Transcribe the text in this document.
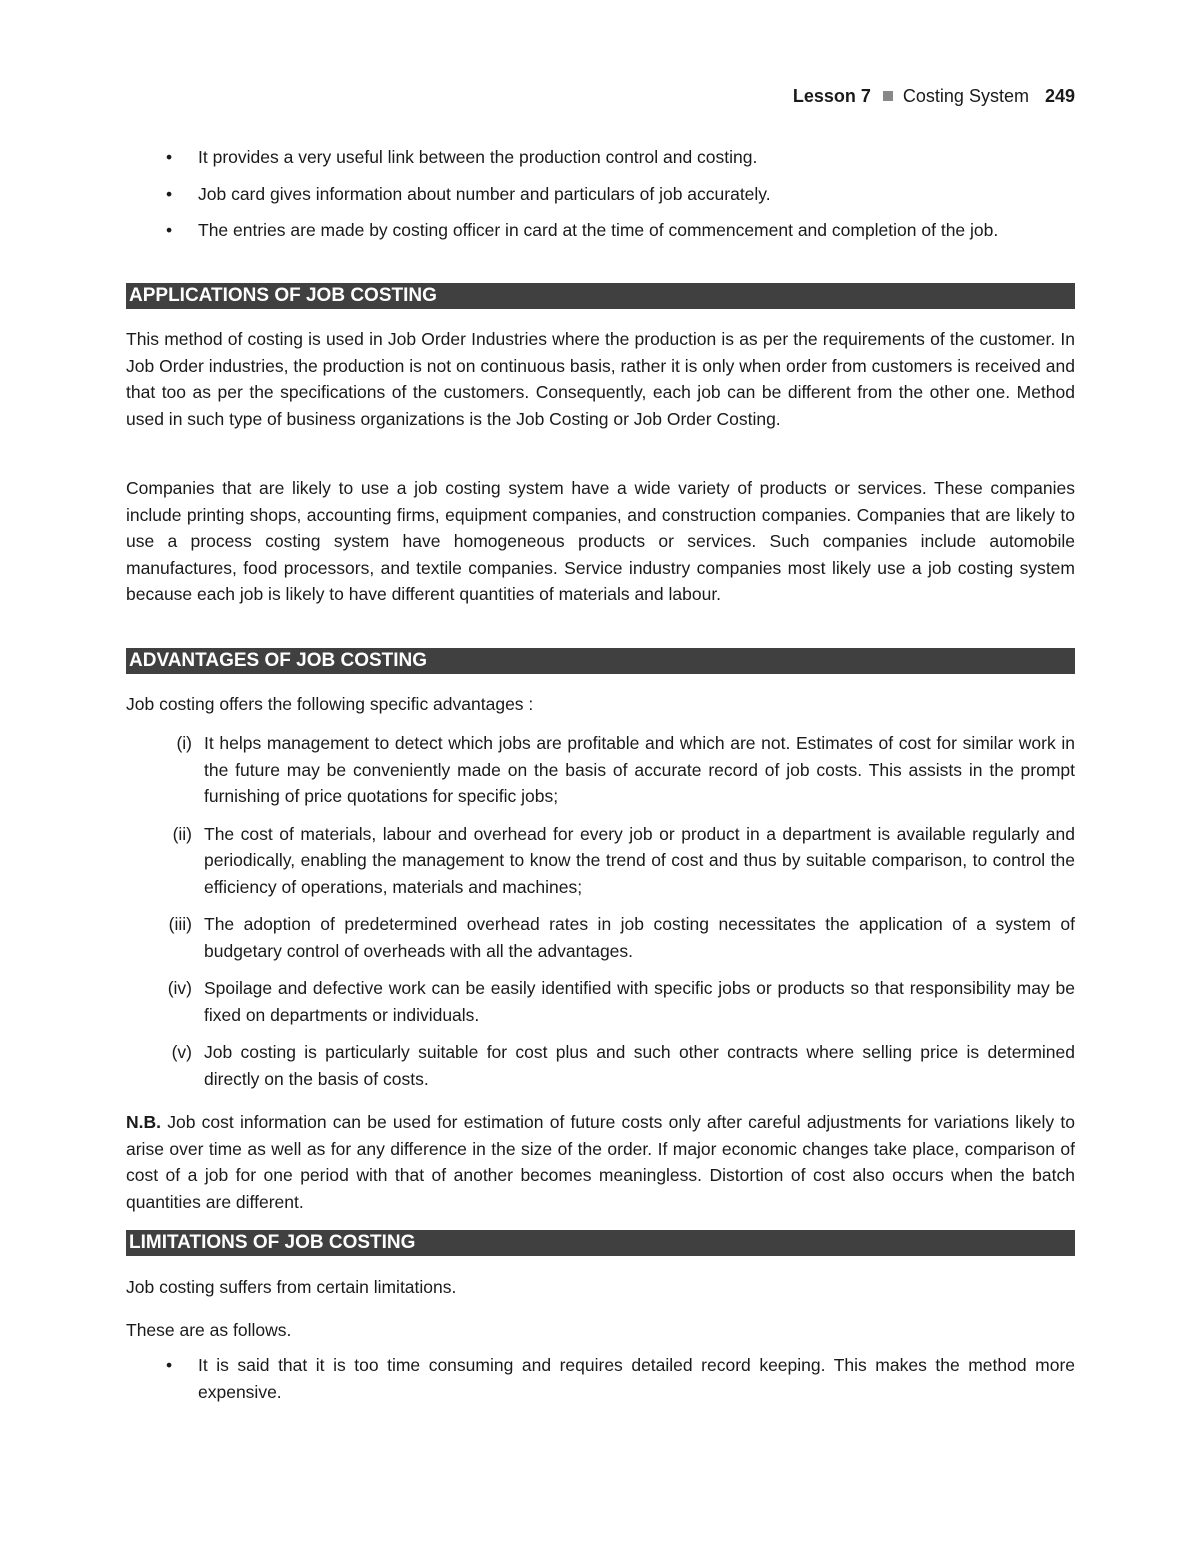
Lesson 7 Costing System 249
• It provides a very useful link between the production control and costing.

• Job card gives information about number and particulars of job accurately.

• The entries are made by costing officer in card at the time of commencement and completion of the job.

APPLICATIONS OF JOB COSTING

This method of costing is used in Job Order Industries where the production is as per the requirements of the customer. In Job Order industries, the production is not on continuous basis, rather it is only when order from customers is received and that too as per the specifications of the customers. Consequently, each job can be different from the other one. Method used in such type of business organizations is the Job Costing or Job Order Costing.

Companies that are likely to use a job costing system have a wide variety of products or services. These companies include printing shops, accounting firms, equipment companies, and construction companies. Companies that are likely to use a process costing system have homogeneous products or services. Such companies include automobile manufactures, food processors, and textile companies. Service industry companies most likely use a job costing system because each job is likely to have different quantities of materials and labour.

ADVANTAGES OF JOB COSTING

Job costing offers the following specific advantages :

(i) It helps management to detect which jobs are profitable and which are not. Estimates of cost for similar work in the future may be conveniently made on the basis of accurate record of job costs. This assists in the prompt furnishing of price quotations for specific jobs;

(ii) The cost of materials, labour and overhead for every job or product in a department is available regularly and periodically, enabling the management to know the trend of cost and thus by suitable comparison, to control the efficiency of operations, materials and machines;

(iii) The adoption of predetermined overhead rates in job costing necessitates the application of a system of budgetary control of overheads with all the advantages.

(iv) Spoilage and defective work can be easily identified with specific jobs or products so that responsibility may be fixed on departments or individuals.

(v) Job costing is particularly suitable for cost plus and such other contracts where selling price is determined directly on the basis of costs.

N.B. Job cost information can be used for estimation of future costs only after careful adjustments for variations likely to arise over time as well as for any difference in the size of the order. If major economic changes take place, comparison of cost of a job for one period with that of another becomes meaningless. Distortion of cost also occurs when the batch quantities are different.

LIMITATIONS OF JOB COSTING

Job costing suffers from certain limitations.

These are as follows.

• It is said that it is too time consuming and requires detailed record keeping. This makes the method more expensive.
